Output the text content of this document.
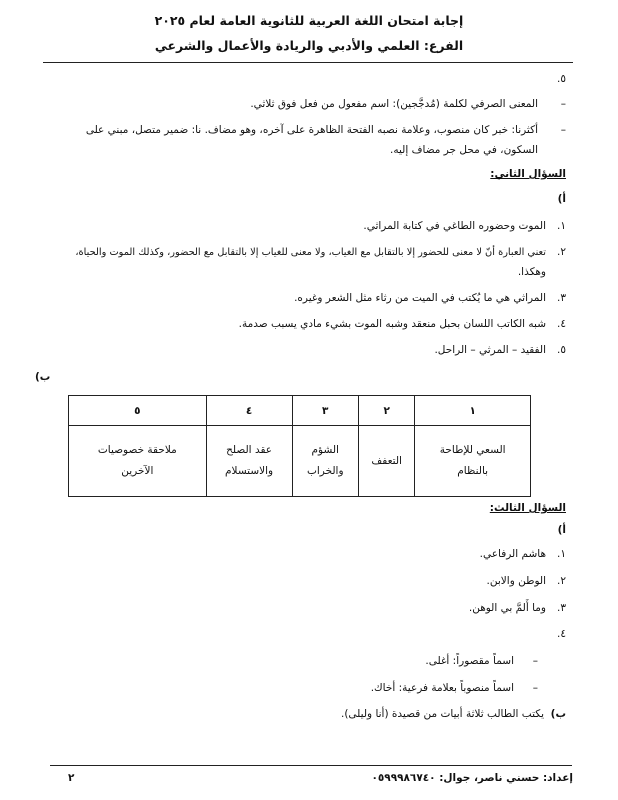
إجابة امتحان اللغة العربية للثانوية العامة لعام ٢٠٢٥
الفرع: العلمي والأدبي والريادة والأعمال والشرعي
٥.
–
المعنى الصرفي لكلمة (مُدجَّجين): اسم مفعول من فعل فوق ثلاثي.
–
أكثرنا: خبر كان منصوب، وعلامة نصبه الفتحة الظاهرة على آخره، وهو مضاف. نا: ضمير متصل، مبني على
السكون، في محل جر مضاف إليه.
السؤال الثاني:
أ)
١.
الموت وحضوره الطاغي في كتابة المراثي.
٢.
تعني العبارة أنّ لا معنى للحضور إلا بالتقابل مع الغياب، ولا معنى للغياب إلا بالتقابل مع الحضور، وكذلك الموت والحياة،
وهكذا.
٣.
المراثي هي ما يُكتب في الميت من رثاء مثل الشعر وغيره.
٤.
شبه الكاتب اللسان بحبل منعقد وشبه الموت بشيء مادي يسبب صدمة.
٥.
الفقيد – المرثي – الراحل.
ب)
١	٢	٣	٤	٥
السعي للإطاحة
بالنظام	التعفف	الشؤم
والخراب	عقد الصلح
والاستسلام	ملاحقة خصوصيات
الآخرين
السؤال الثالث:
أ)
١.
هاشم الرفاعي.
٢.
الوطن والابن.
٣.
وما أَلمَّ بي الوهن.
٤.
–
اسماً مقصوراً: أغلى.
–
اسماً منصوباً بعلامة فرعية: أخاك.
ب)
يكتب الطالب ثلاثة أبيات من قصيدة (أنا وليلى).
إعداد: حسني ناصر، جوال: ٠٥٩٩٩٨٦٧٤٠
٢
